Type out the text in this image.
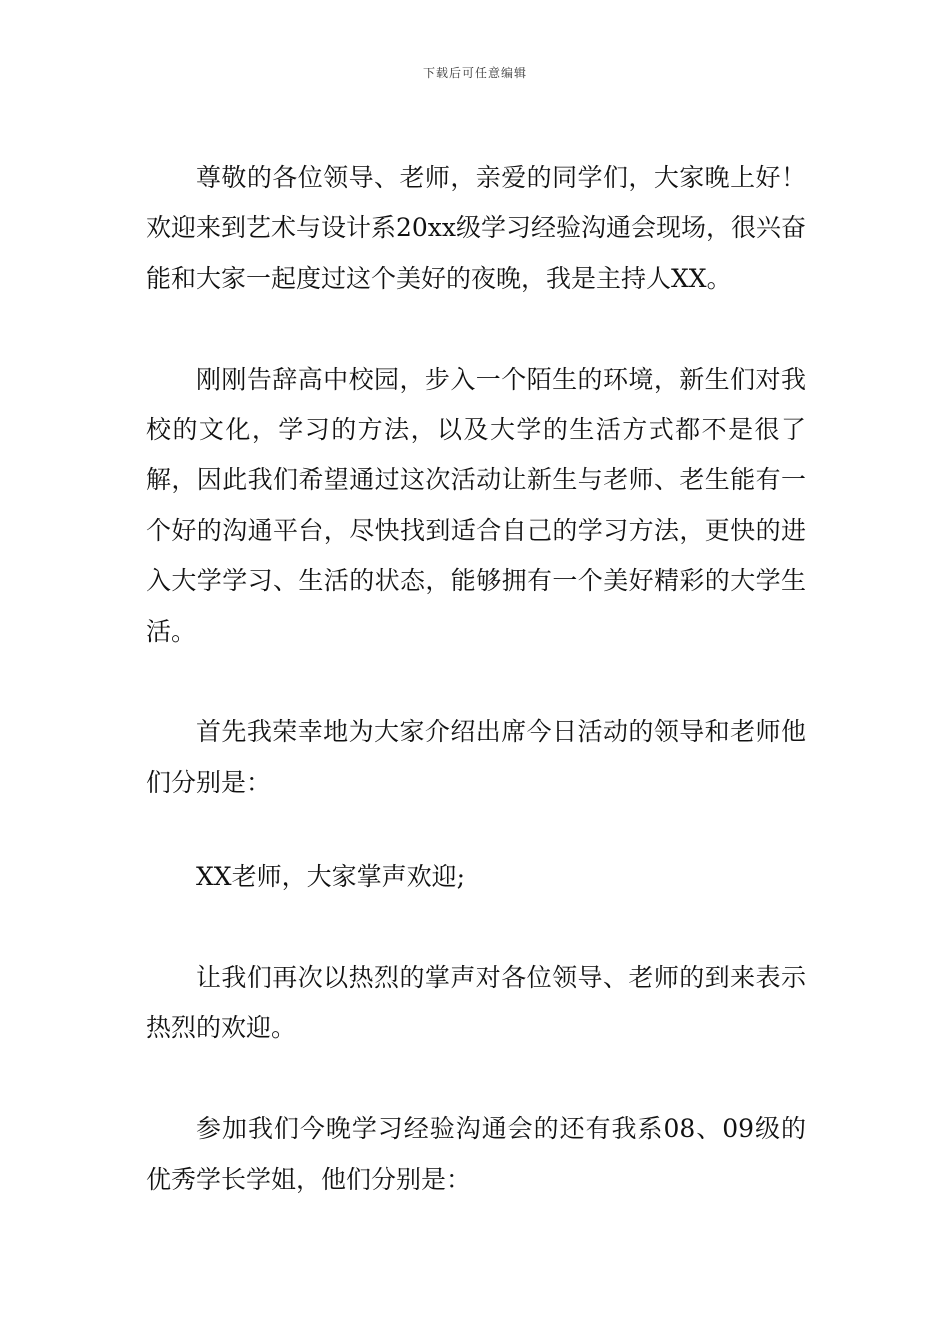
下载后可任意编辑

尊敬的各位领导、老师，亲爱的同学们，大家晚上好！欢迎来到艺术与设计系20xx级学习经验沟通会现场，很兴奋能和大家一起度过这个美好的夜晚，我是主持人XX。

刚刚告辞高中校园，步入一个陌生的环境，新生们对我校的文化，学习的方法，以及大学的生活方式都不是很了解，因此我们希望通过这次活动让新生与老师、老生能有一个好的沟通平台，尽快找到适合自己的学习方法，更快的进入大学学习、生活的状态，能够拥有一个美好精彩的大学生活。

首先我荣幸地为大家介绍出席今日活动的领导和老师他们分别是：

XX老师，大家掌声欢迎;

让我们再次以热烈的掌声对各位领导、老师的到来表示热烈的欢迎。

参加我们今晚学习经验沟通会的还有我系08、09级的优秀学长学姐，他们分别是：
